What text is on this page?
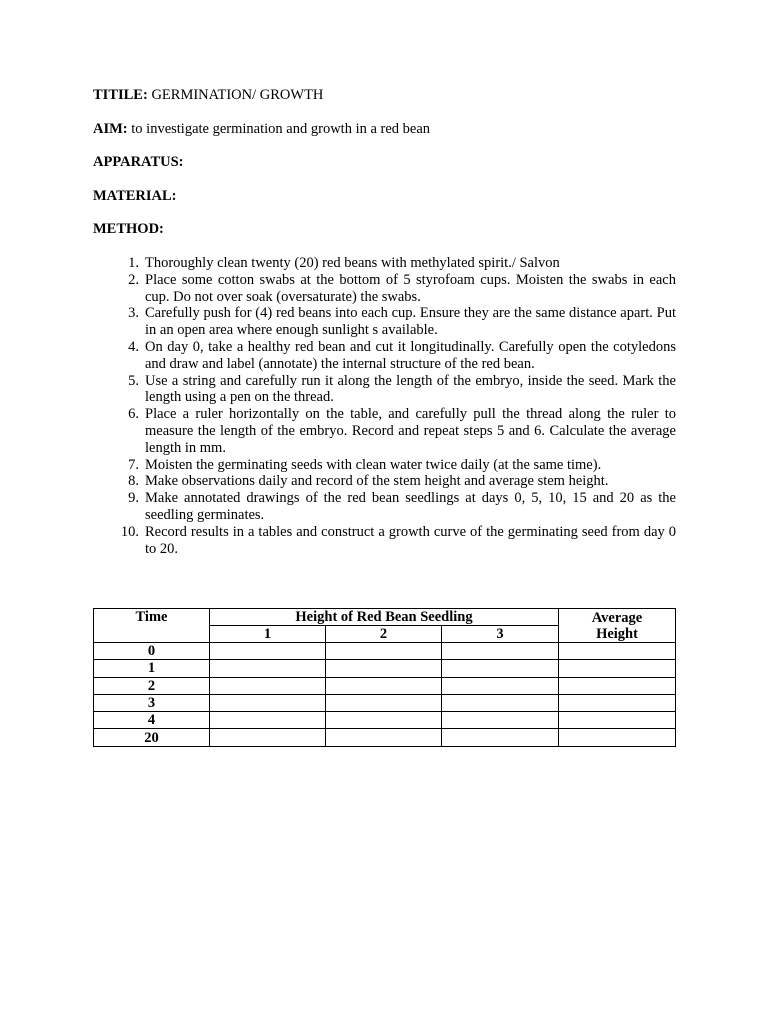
TITILE: GERMINATION/ GROWTH
AIM: to investigate germination and growth in a red bean
APPARATUS:
MATERIAL:
METHOD:
1. Thoroughly clean twenty (20) red beans with methylated spirit./ Salvon
2. Place some cotton swabs at the bottom of 5 styrofoam cups. Moisten the swabs in each cup. Do not over soak (oversaturate) the swabs.
3. Carefully push for (4) red beans into each cup. Ensure they are the same distance apart. Put in an open area where enough sunlight s available.
4. On day 0, take a healthy red bean and cut it longitudinally. Carefully open the cotyledons and draw and label (annotate) the internal structure of the red bean.
5. Use a string and carefully run it along the length of the embryo, inside the seed. Mark the length using a pen on the thread.
6. Place a ruler horizontally on the table, and carefully pull the thread along the ruler to measure the length of the embryo. Record and repeat steps 5 and 6. Calculate the average length in mm.
7. Moisten the germinating seeds with clean water twice daily (at the same time).
8. Make observations daily and record of the stem height and average stem height.
9. Make annotated drawings of the red bean seedlings at days 0, 5, 10, 15 and 20 as the seedling germinates.
10. Record results in a tables and construct a growth curve of the germinating seed from day 0 to 20.
Time	Height of Red Bean Seedling			Average
Height
	1	2	3	
0				
1				
2				
3				
4				
20				
